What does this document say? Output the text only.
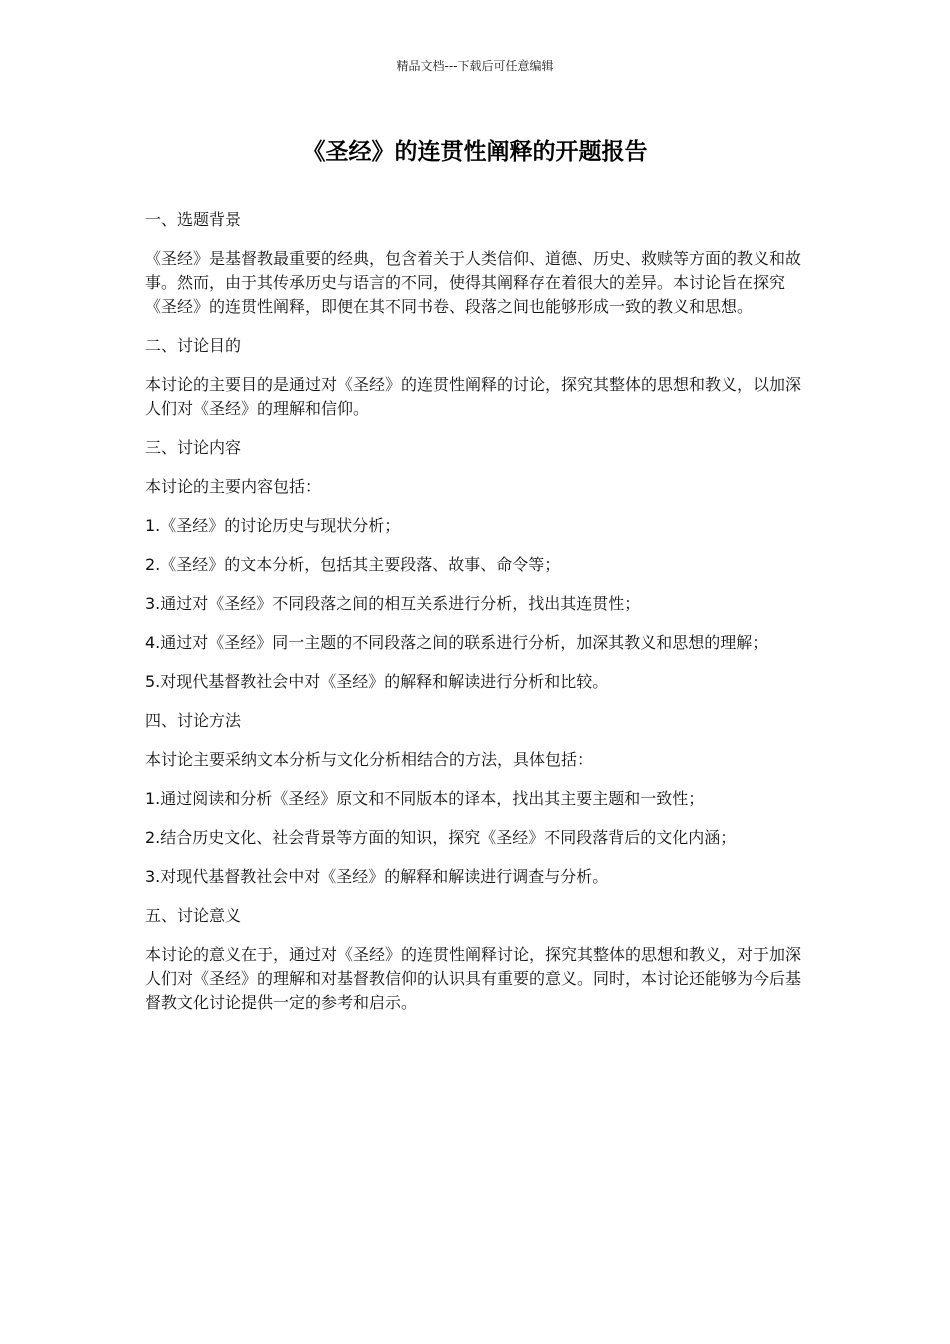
精品文档---下载后可任意编辑
《圣经》的连贯性阐释的开题报告
一、选题背景

《圣经》是基督教最重要的经典，包含着关于人类信仰、道德、历史、救赎等方面的教义和故事。然而，由于其传承历史与语言的不同，使得其阐释存在着很大的差异。本讨论旨在探究《圣经》的连贯性阐释，即便在其不同书卷、段落之间也能够形成一致的教义和思想。

二、讨论目的

本讨论的主要目的是通过对《圣经》的连贯性阐释的讨论，探究其整体的思想和教义，以加深人们对《圣经》的理解和信仰。

三、讨论内容

本讨论的主要内容包括：

1.《圣经》的讨论历史与现状分析；

2.《圣经》的文本分析，包括其主要段落、故事、命令等；

3.通过对《圣经》不同段落之间的相互关系进行分析，找出其连贯性；

4.通过对《圣经》同一主题的不同段落之间的联系进行分析，加深其教义和思想的理解；

5.对现代基督教社会中对《圣经》的解释和解读进行分析和比较。

四、讨论方法

本讨论主要采纳文本分析与文化分析相结合的方法，具体包括：

1.通过阅读和分析《圣经》原文和不同版本的译本，找出其主要主题和一致性；

2.结合历史文化、社会背景等方面的知识，探究《圣经》不同段落背后的文化内涵；

3.对现代基督教社会中对《圣经》的解释和解读进行调查与分析。

五、讨论意义

本讨论的意义在于，通过对《圣经》的连贯性阐释讨论，探究其整体的思想和教义，对于加深人们对《圣经》的理解和对基督教信仰的认识具有重要的意义。同时，本讨论还能够为今后基督教文化讨论提供一定的参考和启示。
